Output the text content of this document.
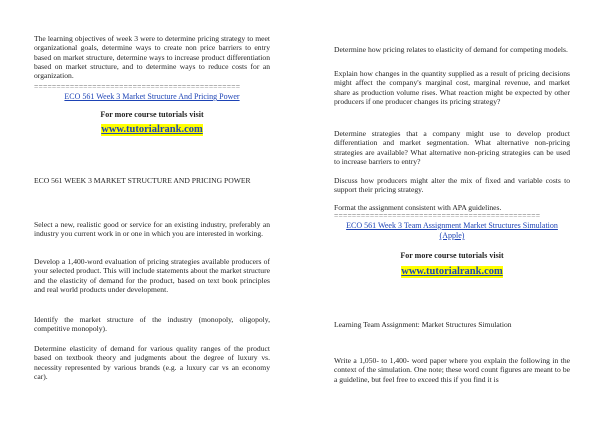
The learning objectives of week 3 were to determine pricing strategy to meet organizational goals, determine ways to create non price barriers to entry based on market structure, determine ways to increase product differentiation based on market structure, and to determine ways to reduce costs for an organization.

==============================================
ECO 561 Week 3 Market Structure And Pricing Power

For more course tutorials visit

www.tutorialrank.com

ECO 561 WEEK 3 MARKET STRUCTURE AND PRICING POWER

Select a new, realistic good or service for an existing industry, preferably an industry you current work in or one in which you are interested in working.

Develop a 1,400-word evaluation of pricing strategies available producers of your selected product. This will include statements about the market structure and the elasticity of demand for the product, based on text book principles and real world products under development.

Identify the market structure of the industry (monopoly, oligopoly, competitive monopoly).

Determine elasticity of demand for various quality ranges of the product based on textbook theory and judgments about the degree of luxury vs. necessity represented by various brands (e.g. a luxury car vs an economy car).

Determine how pricing relates to elasticity of demand for competing models.

Explain how changes in the quantity supplied as a result of pricing decisions might affect the company's marginal cost, marginal revenue, and market share as production volume rises. What reaction might be expected by other producers if one producer changes its pricing strategy?

Determine strategies that a company might use to develop product differentiation and market segmentation. What alternative non-pricing strategies are available? What alternative non-pricing strategies can be used to increase barriers to entry?

Discuss how producers might alter the mix of fixed and variable costs to support their pricing strategy.

Format the assignment consistent with APA guidelines.

==============================================
ECO 561 Week 3 Team Assignment Market Structures Simulation (Apple)

For more course tutorials visit

www.tutorialrank.com

Learning Team Assignment: Market Structures Simulation

Write a 1,050- to 1,400- word paper where you explain the following in the context of the simulation. One note; these word count figures are meant to be a guideline, but feel free to exceed this if you find it is
